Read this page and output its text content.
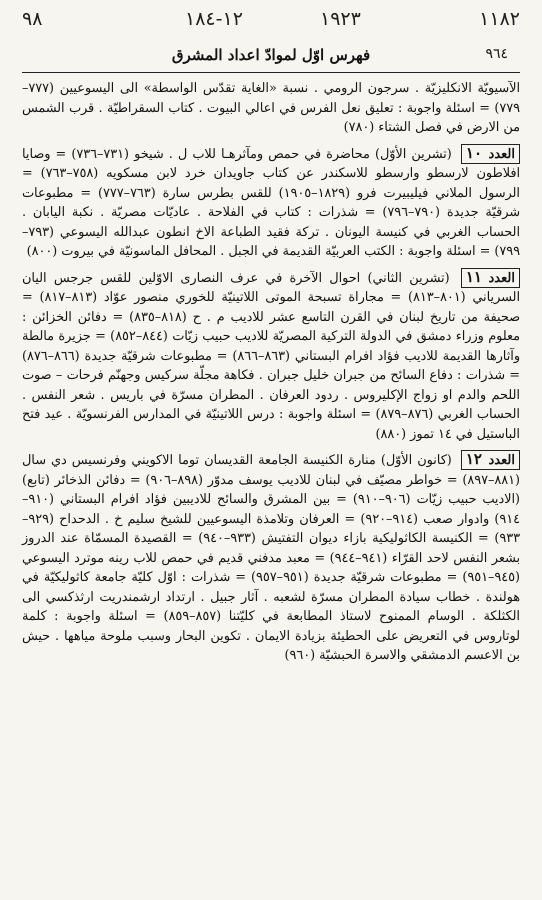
٩٨	١٢-١٨٤	١٩٢٣	١١٨٢
٩٦٤
فهرس اوّل لموادّ اعداد المشرق

الآسيويّة الانكليزيّة . سرجون الرومي . نسبة «الغاية تقدّس الواسطة» الى اليسوعيين (٧٧٧–٧٧٩) = اسئلة واجوبة : تعليق نعل الفرس في اعالي البيوت . كتاب السقراطيّة . قرب الشمس من الارض في فصل الشتاء (٧٨٠)

العدد ١٠ (تشرين الأوّل) محاضرة في حمص ومآثرهـا للاب ل . شيخو (٧٣١–٧٣٦) = وصايا افلاطون لارسطو وارسطو للاسكندر عن كتاب جاويدان خرد لابن مسكويه (٧٥٨–٧٦٣) = الرسول الملاني فيليبيرت فرو (١٨٢٩–١٩٠٥) للقس بطرس سارة (٧٦٣–٧٧٧) = مطبوعات شرقيّة جديدة (٧٩٠–٧٩٦) = شذرات : كتاب في الفلاحة . عاديّات مصريّة . نكبة اليابان . الحساب الغربي في كنيسة اليونان . تركة فقيد الطباعة الاخ انطون عبدالله اليسوعي (٧٩٣–٧٩٩) = اسئلة واجوبة : الكتب العربيّة القديمة في الجبل . المحافل الماسونيّة في بيروت (٨٠٠)

العدد ١١ (تشرين الثاني) احوال الآخرة في عرف النصارى الاوّلين للقس جرجس اليان السرياني (٨٠١–٨١٣) = مجاراة تسبحة الموتى اللاتينيّة للخوري منصور عوّاد (٨١٣–٨١٧) = صحيفة من تاريخ لبنان في القرن التاسع عشر للاديب م . ح (٨١٨–٨٣٥) = دفائن الخزائن : معلوم وزراء دمشق في الدولة التركية المصريّة للاديب حبيب زيّات (٨٤٤–٨٥٢) = جزيرة مالطة وآثارها القديمة للاديب فؤاد افرام البستاني (٨٦٣–٨٦٦) = مطبوعات شرقيّة جديدة (٨٦٦–٨٧٦) = شذرات : دفاع السائح من جبران خليل جبران . فكاهة مجلّة سركيس وجهنّم فرحات – صوت اللحم والدم او زواج الإكليروس . ردود العرفان . المطران مسرّة في باريس . شعر النفس . الحساب الغربي (٨٧٦–٨٧٩) = اسئلة واجوبة : درس اللاتينيّة في المدارس الفرنسويّة . عيد فتح الباستيل في ١٤ تموز (٨٨٠)

العدد ١٢ (كانون الأوّل) منارة الكنيسة الجامعة القديسان توما الاكويني وفرنسيس دي سال (٨٨١–٨٩٧) = خواطر مصيّف في لبنان للاديب يوسف مدوّر (٨٩٨–٩٠٦) = دفائن الذخائر (تابع) (الاديب حبيب زيّات (٩٠٦–٩١٠) = بين المشرق والسائح للاديبين فؤاد افرام البستاني (٩١٠–٩١٤) وادوار صعب (٩١٤–٩٢٠) = العرفان وتلامذة اليسوعيين للشيخ سليم خ . الدحداح (٩٢٩–٩٣٣) = الكنيسة الكاثوليكية بازاء ديوان التفتيش (٩٣٣–٩٤٠) = القصيدة المسمّاة عند الدروز بشعر النفس لاحد القرّاء (٩٤١–٩٤٤) = معبد مدفني قديم في حمص للاب رينه موترد اليسوعي (٩٤٥–٩٥١) = مطبوعات شرقيّة جديدة (٩٥١–٩٥٧) = شذرات : اوّل كليّة جامعة كاثوليكيّة في هولندة . خطاب سيادة المطران مسرّة لشعبه . آثار جبيل . ارتداد ارشمندريت ارثذكسي الى الكثلكة . الوسام الممنوح لاستاذ المطابعة في كليّتنا (٨٥٧–٨٥٩) = اسئلة واجوبة : كلمة لوتاروس في التعريض على الحطيئة بزيادة الايمان . تكوين البحار وسبب ملوحة مياهها . حيش بن الاعسم الدمشقي والاسرة الحبشيّة (٩٦٠)
